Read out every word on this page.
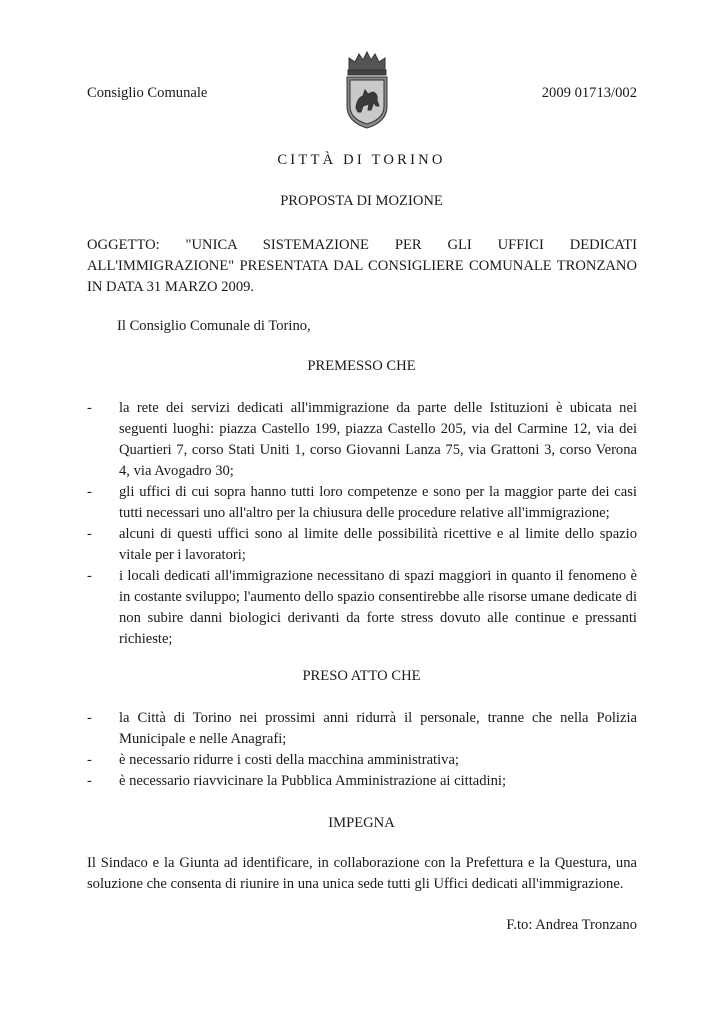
Consiglio Comunale	2009 01713/002
CITTÀ DI TORINO
PROPOSTA DI MOZIONE
OGGETTO: "UNICA SISTEMAZIONE PER GLI UFFICI DEDICATI ALL'IMMIGRAZIONE" PRESENTATA DAL CONSIGLIERE COMUNALE TRONZANO IN DATA 31 MARZO 2009.
Il Consiglio Comunale di Torino,
PREMESSO CHE
- la rete dei servizi dedicati all'immigrazione da parte delle Istituzioni è ubicata nei seguenti luoghi: piazza Castello 199, piazza Castello 205, via del Carmine 12, via dei Quartieri 7, corso Stati Uniti 1, corso Giovanni Lanza 75, via Grattoni 3, corso Verona 4, via Avogadro 30;
- gli uffici di cui sopra hanno tutti loro competenze e sono per la maggior parte dei casi tutti necessari uno all'altro per la chiusura delle procedure relative all'immigrazione;
- alcuni di questi uffici sono al limite delle possibilità ricettive e al limite dello spazio vitale per i lavoratori;
- i locali dedicati all'immigrazione necessitano di spazi maggiori in quanto il fenomeno è in costante sviluppo; l'aumento dello spazio consentirebbe alle risorse umane dedicate di non subire danni biologici derivanti da forte stress dovuto alle continue e pressanti richieste;
PRESO ATTO CHE
- la Città di Torino nei prossimi anni ridurrà il personale, tranne che nella Polizia Municipale e nelle Anagrafi;
- è necessario ridurre i costi della macchina amministrativa;
- è necessario riavvicinare la Pubblica Amministrazione ai cittadini;
IMPEGNA
Il Sindaco e la Giunta ad identificare, in collaborazione con la Prefettura e la Questura, una soluzione che consenta di riunire in una unica sede tutti gli Uffici dedicati all'immigrazione.
F.to: Andrea Tronzano
